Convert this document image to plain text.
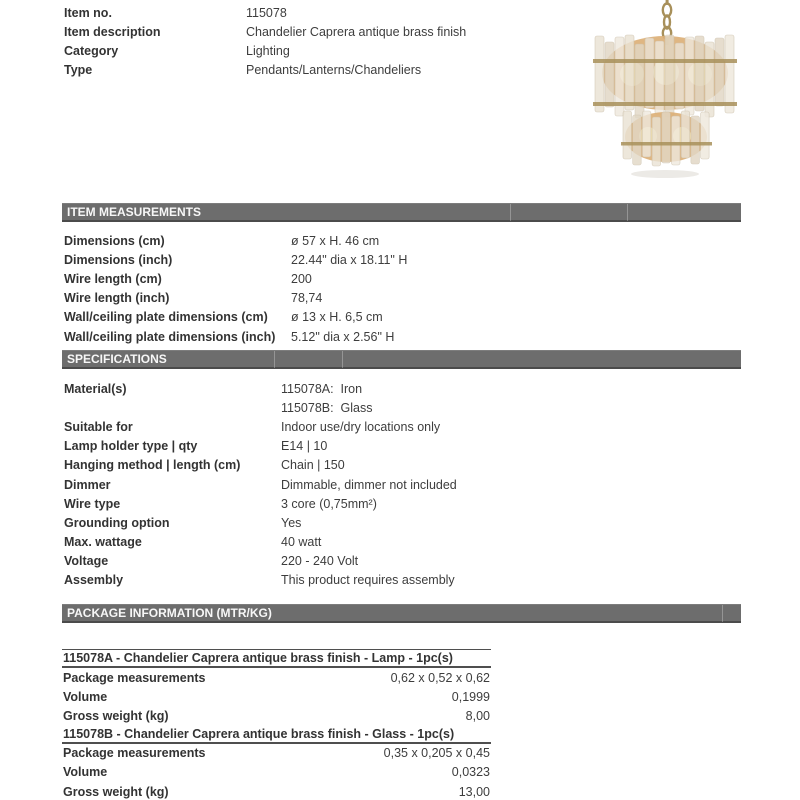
Item no.	115078
Item description	Chandelier Caprera antique brass finish
Category	Lighting
Type	Pendants/Lanterns/Chandeliers
ITEM MEASUREMENTS
Dimensions (cm)	ø 57 x H. 46 cm
Dimensions (inch)	22.44" dia x 18.11" H
Wire length (cm)	200
Wire length (inch)	78,74
Wall/ceiling plate dimensions (cm)	ø 13 x H. 6,5 cm
Wall/ceiling plate dimensions (inch)	5.12" dia x 2.56" H
SPECIFICATIONS
Material(s)	115078A:  Iron
115078B:  Glass
Suitable for	Indoor use/dry locations only
Lamp holder type | qty	E14 | 10
Hanging method | length (cm)	Chain | 150
Dimmer	Dimmable, dimmer not included
Wire type	3 core (0,75mm²)
Grounding option	Yes
Max. wattage	40 watt
Voltage	220 - 240 Volt
Assembly	This product requires assembly
PACKAGE INFORMATION (MTR/KG)
115078A - Chandelier Caprera antique brass finish - Lamp - 1pc(s)
Package measurements	0,62 x 0,52 x 0,62
Volume	0,1999
Gross weight (kg)	8,00
115078B - Chandelier Caprera antique brass finish - Glass - 1pc(s)
Package measurements	0,35 x 0,205 x 0,45
Volume	0,0323
Gross weight (kg)	13,00
